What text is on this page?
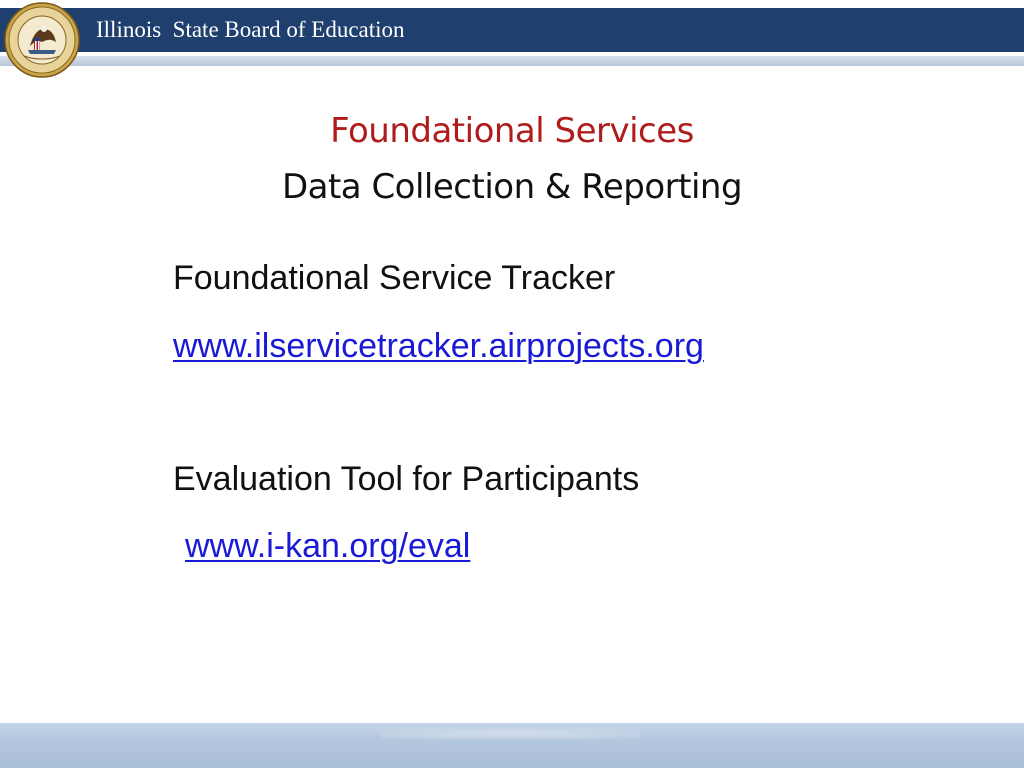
Illinois  State Board of Education
Foundational Services
Data Collection & Reporting
Foundational Service Tracker
www.ilservicetracker.airprojects.org
Evaluation Tool for Participants
www.i-kan.org/eval
